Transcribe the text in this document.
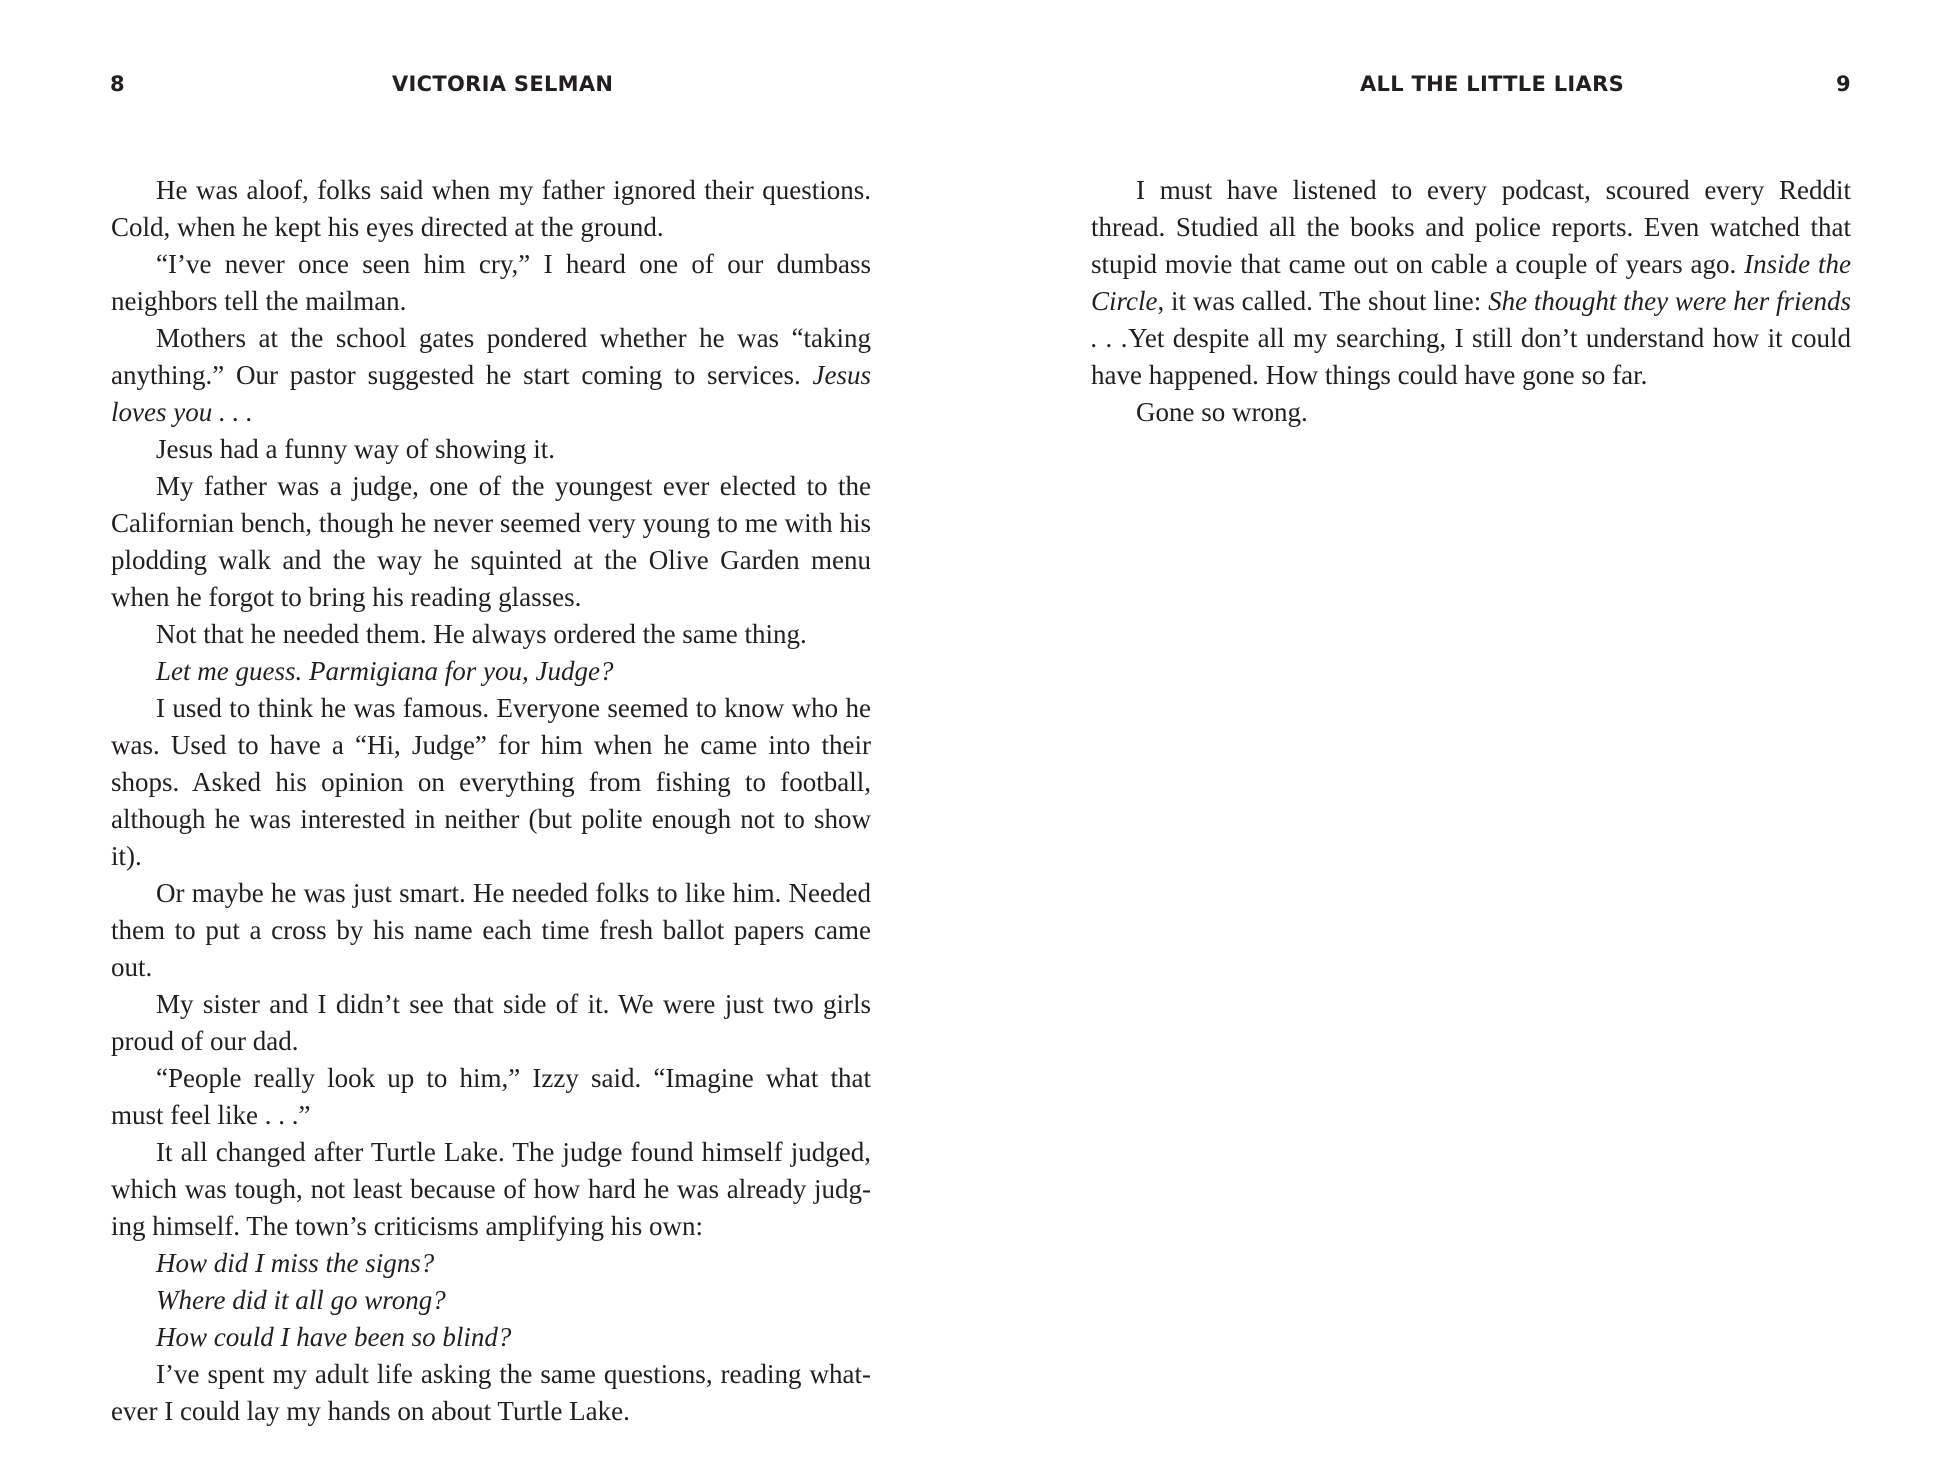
8	VICTORIA SELMAN

He was aloof, folks said when my father ignored their questions. Cold, when he kept his eyes directed at the ground.

“I’ve never once seen him cry,” I heard one of our dumbass neighbors tell the mailman.

Mothers at the school gates pondered whether he was “taking anything.” Our pastor suggested he start coming to services. Jesus loves you . . .

Jesus had a funny way of showing it.

My father was a judge, one of the youngest ever elected to the Californian bench, though he never seemed very young to me with his plodding walk and the way he squinted at the Olive Garden menu when he forgot to bring his reading glasses.

Not that he needed them. He always ordered the same thing.

Let me guess. Parmigiana for you, Judge?

I used to think he was famous. Everyone seemed to know who he was. Used to have a “Hi, Judge” for him when he came into their shops. Asked his opinion on everything from fishing to football, although he was interested in neither (but polite enough not to show it).

Or maybe he was just smart. He needed folks to like him. Needed them to put a cross by his name each time fresh ballot papers came out.

My sister and I didn’t see that side of it. We were just two girls proud of our dad.

“People really look up to him,” Izzy said. “Imagine what that must feel like . . .”

It all changed after Turtle Lake. The judge found himself judged, which was tough, not least because of how hard he was already judging himself. The town’s criticisms amplifying his own:

How did I miss the signs?

Where did it all go wrong?

How could I have been so blind?

I’ve spent my adult life asking the same questions, reading whatever I could lay my hands on about Turtle Lake.

ALL THE LITTLE LIARS	9

I must have listened to every podcast, scoured every Reddit thread. Studied all the books and police reports. Even watched that stupid movie that came out on cable a couple of years ago. Inside the Circle, it was called. The shout line: She thought they were her friends . . .Yet despite all my searching, I still don’t understand how it could have happened. How things could have gone so far.

Gone so wrong.
